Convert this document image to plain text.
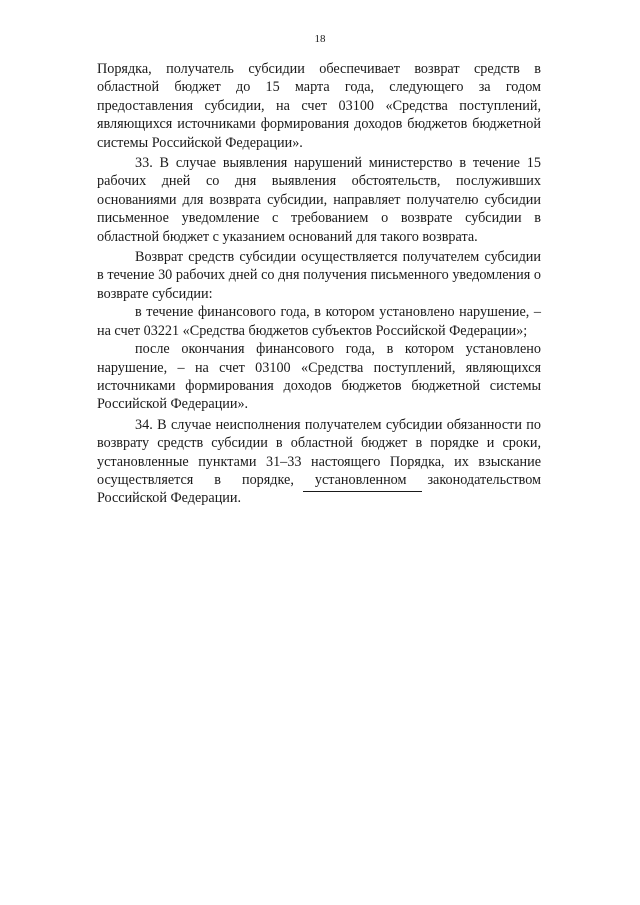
18

Порядка, получатель субсидии обеспечивает возврат средств в областной бюджет до 15 марта года, следующего за годом предоставления субсидии, на счет 03100 «Средства поступлений, являющихся источниками формирования доходов бюджетов бюджетной системы Российской Федерации».

33. В случае выявления нарушений министерство в течение 15 рабочих дней со дня выявления обстоятельств, послуживших основаниями для возврата субсидии, направляет получателю субсидии письменное уведомление с требованием о возврате субсидии в областной бюджет с указанием оснований для такого возврата.

Возврат средств субсидии осуществляется получателем субсидии в течение 30 рабочих дней со дня получения письменного уведомления о возврате субсидии:

в течение финансового года, в котором установлено нарушение, – на счет 03221 «Средства бюджетов субъектов Российской Федерации»;

после окончания финансового года, в котором установлено нарушение, – на счет 03100 «Средства поступлений, являющихся источниками формирования доходов бюджетов бюджетной системы Российской Федерации».

34. В случае неисполнения получателем субсидии обязанности по возврату средств субсидии в областной бюджет в порядке и сроки, установленные пунктами 31–33 настоящего Порядка, их взыскание осуществляется в порядке, установленном законодательством Российской Федерации.
